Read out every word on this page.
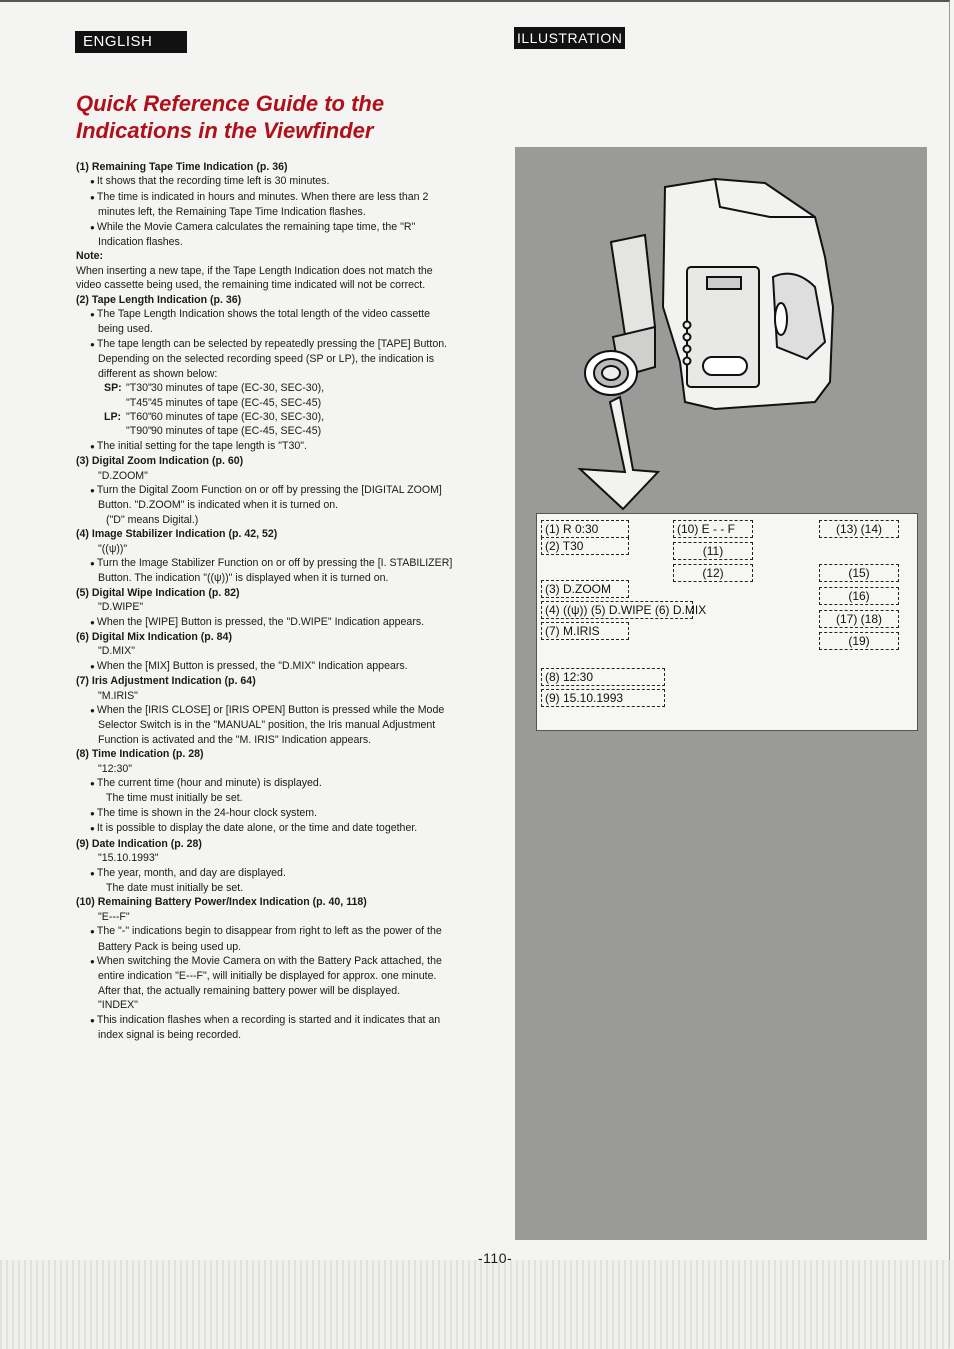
ENGLISH	ILLUSTRATION
Quick Reference Guide to the
Indications in the Viewfinder

(1) Remaining Tape Time Indication (p. 36)

● It shows that the recording time left is 30 minutes.

● The time is indicated in hours and minutes. When there are less than 2 minutes left, the Remaining Tape Time Indication flashes.

● While the Movie Camera calculates the remaining tape time, the "R" Indication flashes.

Note:

When inserting a new tape, if the Tape Length Indication does not match the video cassette being used, the remaining time indicated will not be correct.

(2) Tape Length Indication (p. 36)

● The Tape Length Indication shows the total length of the video cassette being used.

● The tape length can be selected by repeatedly pressing the [TAPE] Button.

Depending on the selected recording speed (SP or LP), the indication is different as shown below:

SP: "T30" 30 minutes of tape (EC-30, SEC-30),

"T45" 45 minutes of tape (EC-45, SEC-45)

LP: "T60" 60 minutes of tape (EC-30, SEC-30),

"T90" 90 minutes of tape (EC-45, SEC-45)

● The initial setting for the tape length is "T30".

(3) Digital Zoom Indication (p. 60)

"D.ZOOM"

● Turn the Digital Zoom Function on or off by pressing the [DIGITAL ZOOM] Button. "D.ZOOM" is indicated when it is turned on.

("D" means Digital.)

(4) Image Stabilizer Indication (p. 42, 52)

"((ψ))"

● Turn the Image Stabilizer Function on or off by pressing the [I. STABILIZER] Button. The indication "((ψ))" is displayed when it is turned on.

(5) Digital Wipe Indication (p. 82)

"D.WIPE"

● When the [WIPE] Button is pressed, the "D.WIPE" Indication appears.

(6) Digital Mix Indication (p. 84)

"D.MIX"

● When the [MIX] Button is pressed, the "D.MIX" Indication appears.

(7) Iris Adjustment Indication (p. 64)

"M.IRIS"

● When the [IRIS CLOSE] or [IRIS OPEN] Button is pressed while the Mode Selector Switch is in the "MANUAL" position, the Iris manual Adjustment Function is activated and the "M. IRIS" Indication appears.

(8) Time Indication (p. 28)

"12:30"

● The current time (hour and minute) is displayed.

The time must initially be set.

● The time is shown in the 24-hour clock system.

● It is possible to display the date alone, or the time and date together.

(9) Date Indication (p. 28)

"15.10.1993"

● The year, month, and day are displayed.

The date must initially be set.

(10) Remaining Battery Power/Index Indication (p. 40, 118)

"E---F"

● The "-" indications begin to disappear from right to left as the power of the Battery Pack is being used up.

● When switching the Movie Camera on with the Battery Pack attached, the entire indication "E---F", will initially be displayed for approx. one minute. After that, the actually remaining battery power will be displayed.

"INDEX"

● This indication flashes when a recording is started and it indicates that an index signal is being recorded.

(1) R 0:30
(2) T30
(3) D.ZOOM
(4) ((ψ)) (5) D.WIPE (6) D.MIX
(7) M.IRIS
(8) 12:30
(9) 15.10.1993
(10) E - - F
(11)
(12)
(13) (14)
(15)
(16)
(17) (18)
(19)
-110-
